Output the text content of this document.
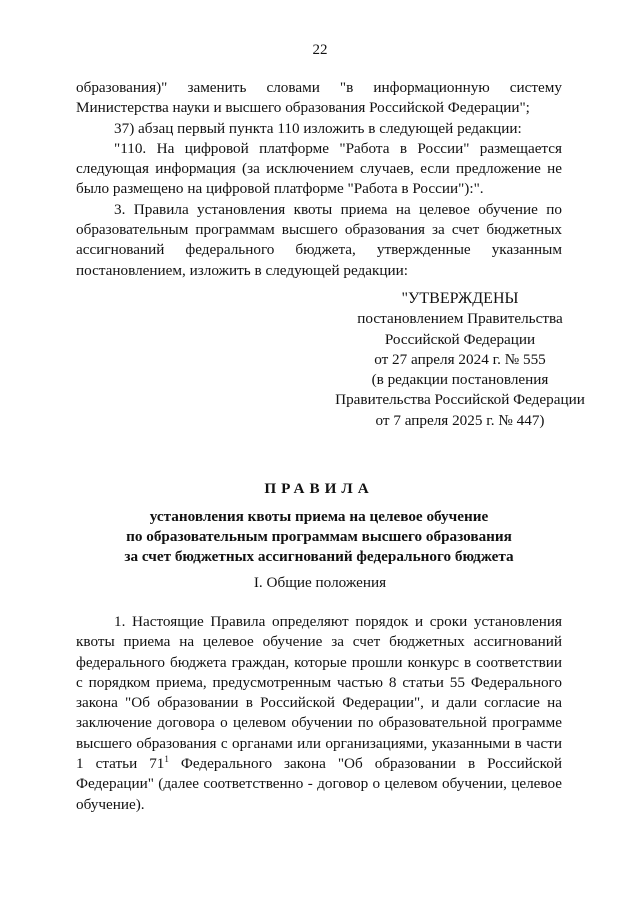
22

образования)" заменить словами "в информационную систему Министерства науки и высшего образования Российской Федерации";

37) абзац первый пункта 110 изложить в следующей редакции:

"110. На цифровой платформе "Работа в России" размещается следующая информация (за исключением случаев, если предложение не было размещено на цифровой платформе "Работа в России"):".

3. Правила установления квоты приема на целевое обучение по образовательным программам высшего образования за счет бюджетных ассигнований федерального бюджета, утвержденные указанным постановлением, изложить в следующей редакции:

"УТВЕРЖДЕНЫ
постановлением Правительства
Российской Федерации
от 27 апреля 2024 г. № 555
(в редакции постановления
Правительства Российской Федерации
от 7 апреля 2025 г. № 447)
ПРАВИЛА
установления квоты приема на целевое обучение
по образовательным программам высшего образования
за счет бюджетных ассигнований федерального бюджета
I. Общие положения

1. Настоящие Правила определяют порядок и сроки установления квоты приема на целевое обучение за счет бюджетных ассигнований федерального бюджета граждан, которые прошли конкурс в соответствии с порядком приема, предусмотренным частью 8 статьи 55 Федерального закона "Об образовании в Российской Федерации", и дали согласие на заключение договора о целевом обучении по образовательной программе высшего образования с органами или организациями, указанными в части 1 статьи $71^1$ Федерального закона "Об образовании в Российской Федерации" (далее соответственно - договор о целевом обучении, целевое обучение).
